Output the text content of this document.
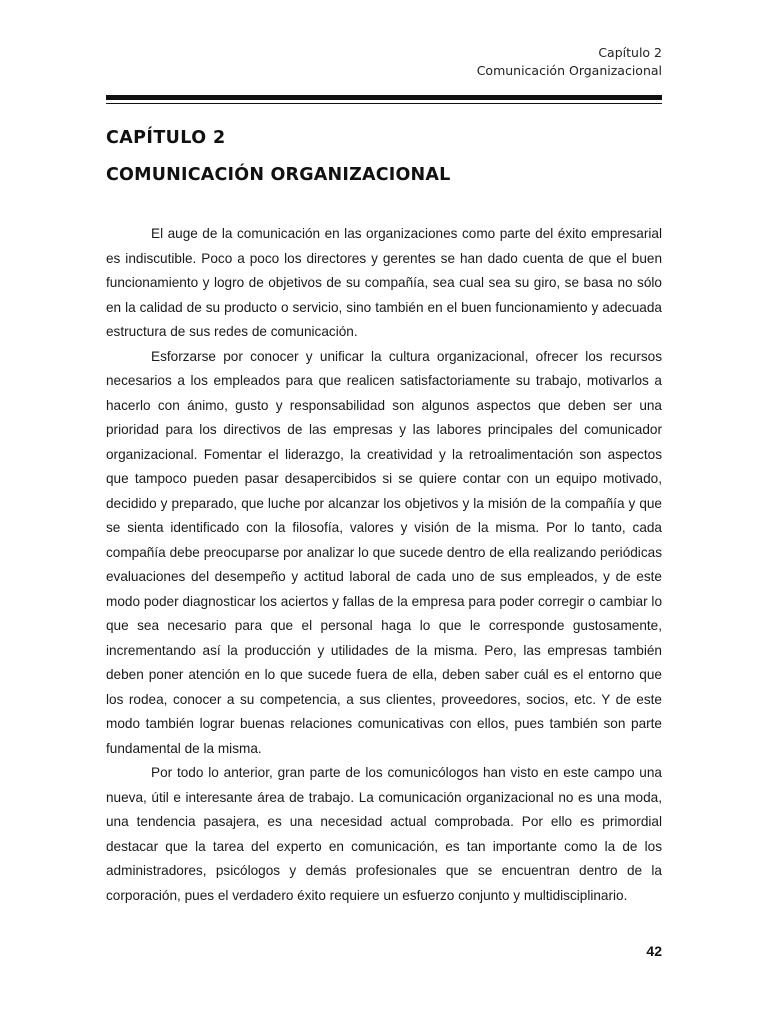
Capítulo 2
Comunicación Organizacional
CAPÍTULO 2
COMUNICACIÓN ORGANIZACIONAL

El auge de la comunicación en las organizaciones como parte del éxito empresarial es indiscutible. Poco a poco los directores y gerentes se han dado cuenta de que el buen funcionamiento y logro de objetivos de su compañía, sea cual sea su giro, se basa no sólo en la calidad de su producto o servicio, sino también en el buen funcionamiento y adecuada estructura de sus redes de comunicación.

Esforzarse por conocer y unificar la cultura organizacional, ofrecer los recursos necesarios a los empleados para que realicen satisfactoriamente su trabajo, motivarlos a hacerlo con ánimo, gusto y responsabilidad son algunos aspectos que deben ser una prioridad para los directivos de las empresas y las labores principales del comunicador organizacional. Fomentar el liderazgo, la creatividad y la retroalimentación son aspectos que tampoco pueden pasar desapercibidos si se quiere contar con un equipo motivado, decidido y preparado, que luche por alcanzar los objetivos y la misión de la compañía y que se sienta identificado con la filosofía, valores y visión de la misma. Por lo tanto, cada compañía debe preocuparse por analizar lo que sucede dentro de ella realizando periódicas evaluaciones del desempeño y actitud laboral de cada uno de sus empleados, y de este modo poder diagnosticar los aciertos y fallas de la empresa para poder corregir o cambiar lo que sea necesario para que el personal haga lo que le corresponde gustosamente, incrementando así la producción y utilidades de la misma. Pero, las empresas también deben poner atención en lo que sucede fuera de ella, deben saber cuál es el entorno que los rodea, conocer a su competencia, a sus clientes, proveedores, socios, etc. Y de este modo también lograr buenas relaciones comunicativas con ellos, pues también son parte fundamental de la misma.

Por todo lo anterior, gran parte de los comunicólogos han visto en este campo una nueva, útil e interesante área de trabajo. La comunicación organizacional no es una moda, una tendencia pasajera, es una necesidad actual comprobada. Por ello es primordial destacar que la tarea del experto en comunicación, es tan importante como la de los administradores, psicólogos y demás profesionales que se encuentran dentro de la corporación, pues el verdadero éxito requiere un esfuerzo conjunto y multidisciplinario.

42
